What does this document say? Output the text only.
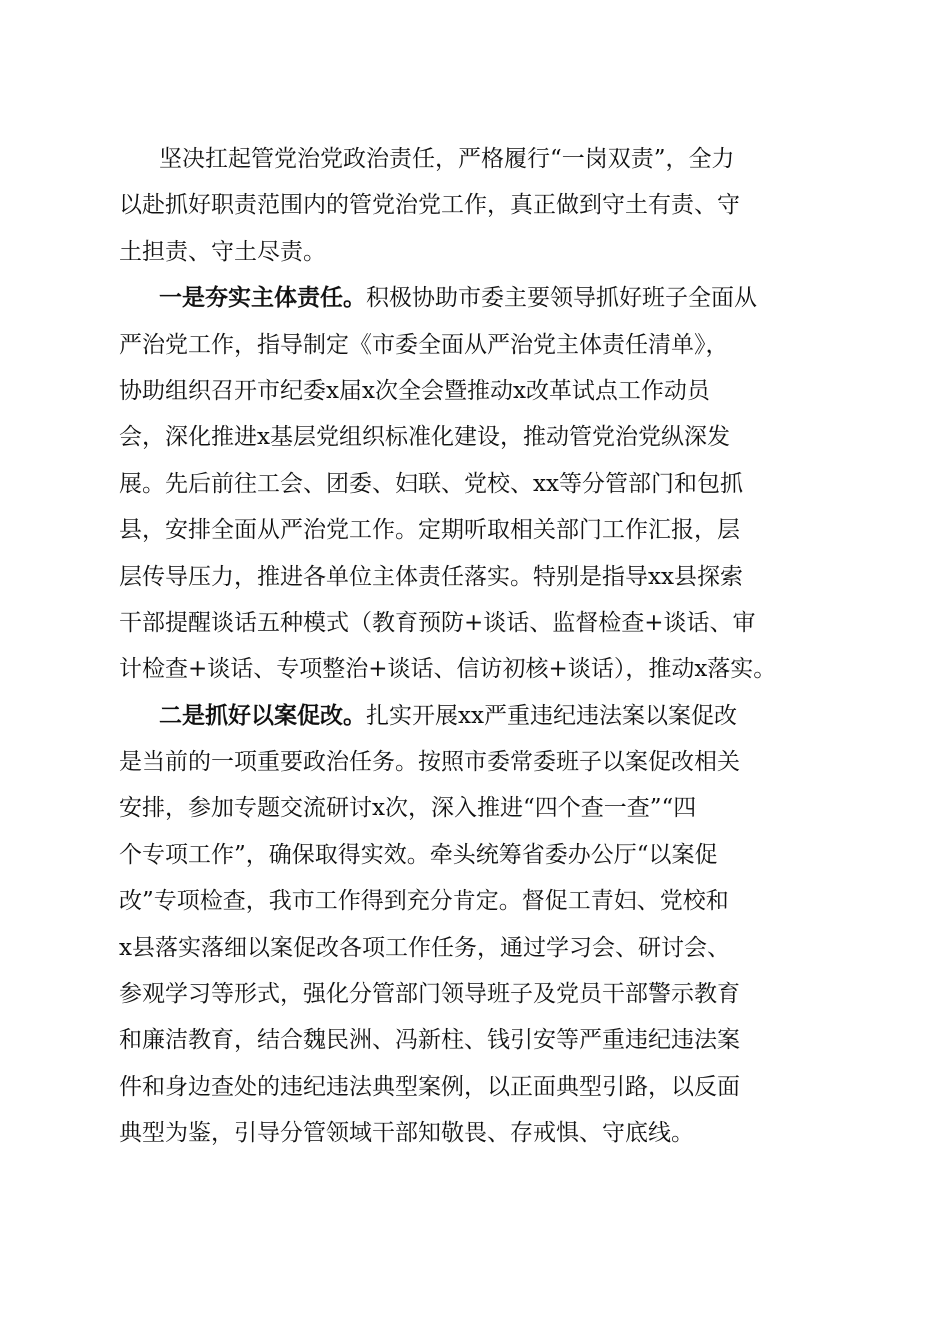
坚决扛起管党治党政治责任，严格履行“一岗双责”，全力
以赴抓好职责范围内的管党治党工作，真正做到守土有责、守
土担责、守土尽责。

一是夯实主体责任。积极协助市委主要领导抓好班子全面从
严治党工作，指导制定《市委全面从严治党主体责任清单》，
协助组织召开市纪委x届x次全会暨推动x改革试点工作动员
会，深化推进x基层党组织标准化建设，推动管党治党纵深发
展。先后前往工会、团委、妇联、党校、xx等分管部门和包抓
县，安排全面从严治党工作。定期听取相关部门工作汇报，层
层传导压力，推进各单位主体责任落实。特别是指导xx县探索
干部提醒谈话五种模式（教育预防+谈话、监督检查+谈话、审
计检查+谈话、专项整治+谈话、信访初核+谈话），推动x落实。

二是抓好以案促改。扎实开展xx严重违纪违法案以案促改
是当前的一项重要政治任务。按照市委常委班子以案促改相关
安排，参加专题交流研讨x次，深入推进“四个查一查”“四
个专项工作”，确保取得实效。牵头统筹省委办公厅“以案促
改”专项检查，我市工作得到充分肯定。督促工青妇、党校和
x县落实落细以案促改各项工作任务，通过学习会、研讨会、
参观学习等形式，强化分管部门领导班子及党员干部警示教育
和廉洁教育，结合魏民洲、冯新柱、钱引安等严重违纪违法案
件和身边查处的违纪违法典型案例，以正面典型引路，以反面
典型为鉴，引导分管领域干部知敬畏、存戒惧、守底线。
